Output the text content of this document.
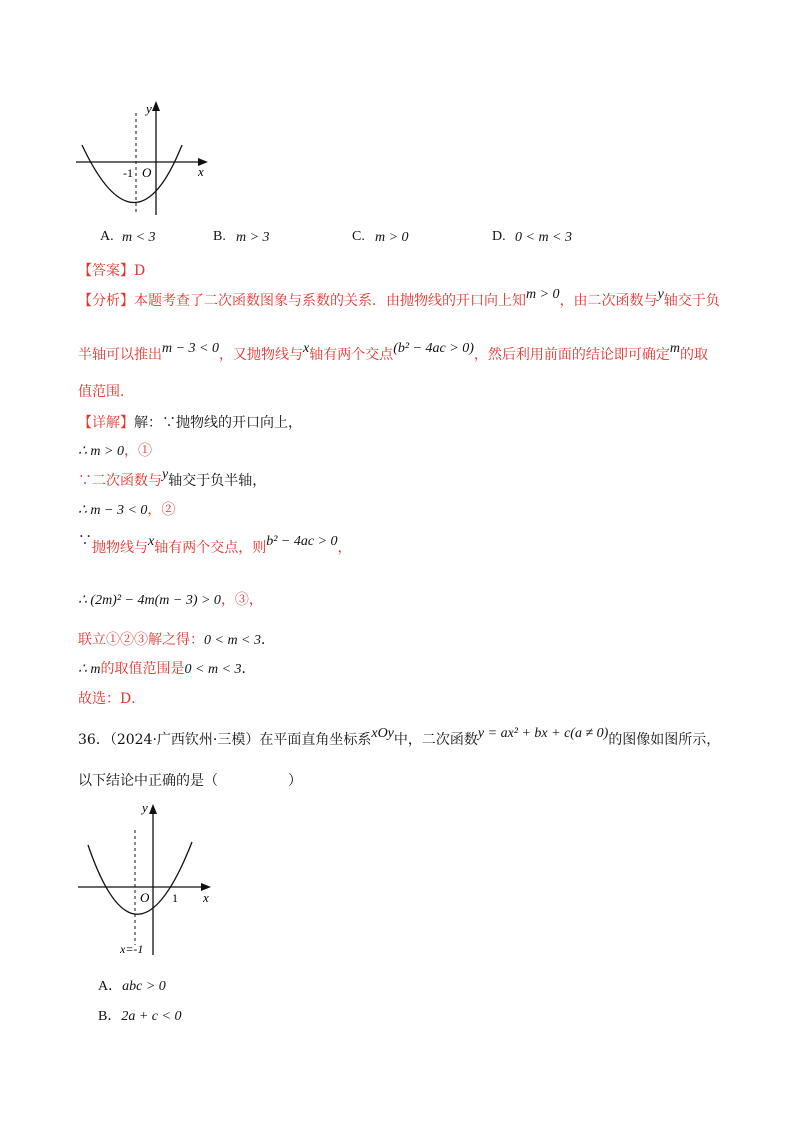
y
x
O
-1
A. m < 3	B. m > 3	C. m > 0	D. 0 < m < 3
【答案】D
【分析】本题考查了二次函数图象与系数的关系．由抛物线的开口向上知m > 0，由二次函数与y轴交于负
半轴可以推出m − 3 < 0，又抛物线与x轴有两个交点(b² − 4ac > 0)，然后利用前面的结论即可确定m的取
值范围．
【详解】解：∵抛物线的开口向上，
∴ m > 0，①
∵二次函数与y轴交于负半轴，
∴ m − 3 < 0，②
∵抛物线与x轴有两个交点，则b² − 4ac > 0，
∴ (2m)² − 4m(m − 3) > 0，③，
联立①②③解之得：0 < m < 3．
∴ m的取值范围是0 < m < 3．
故选：D．
36．（2024·广西钦州·三模）在平面直角坐标系xOy中，二次函数y = ax² + bx + c(a ≠ 0)的图像如图所示，
以下结论中正确的是（　　　　　）
y
x
O 1
x=-1
A．abc > 0
B．2a + c < 0
